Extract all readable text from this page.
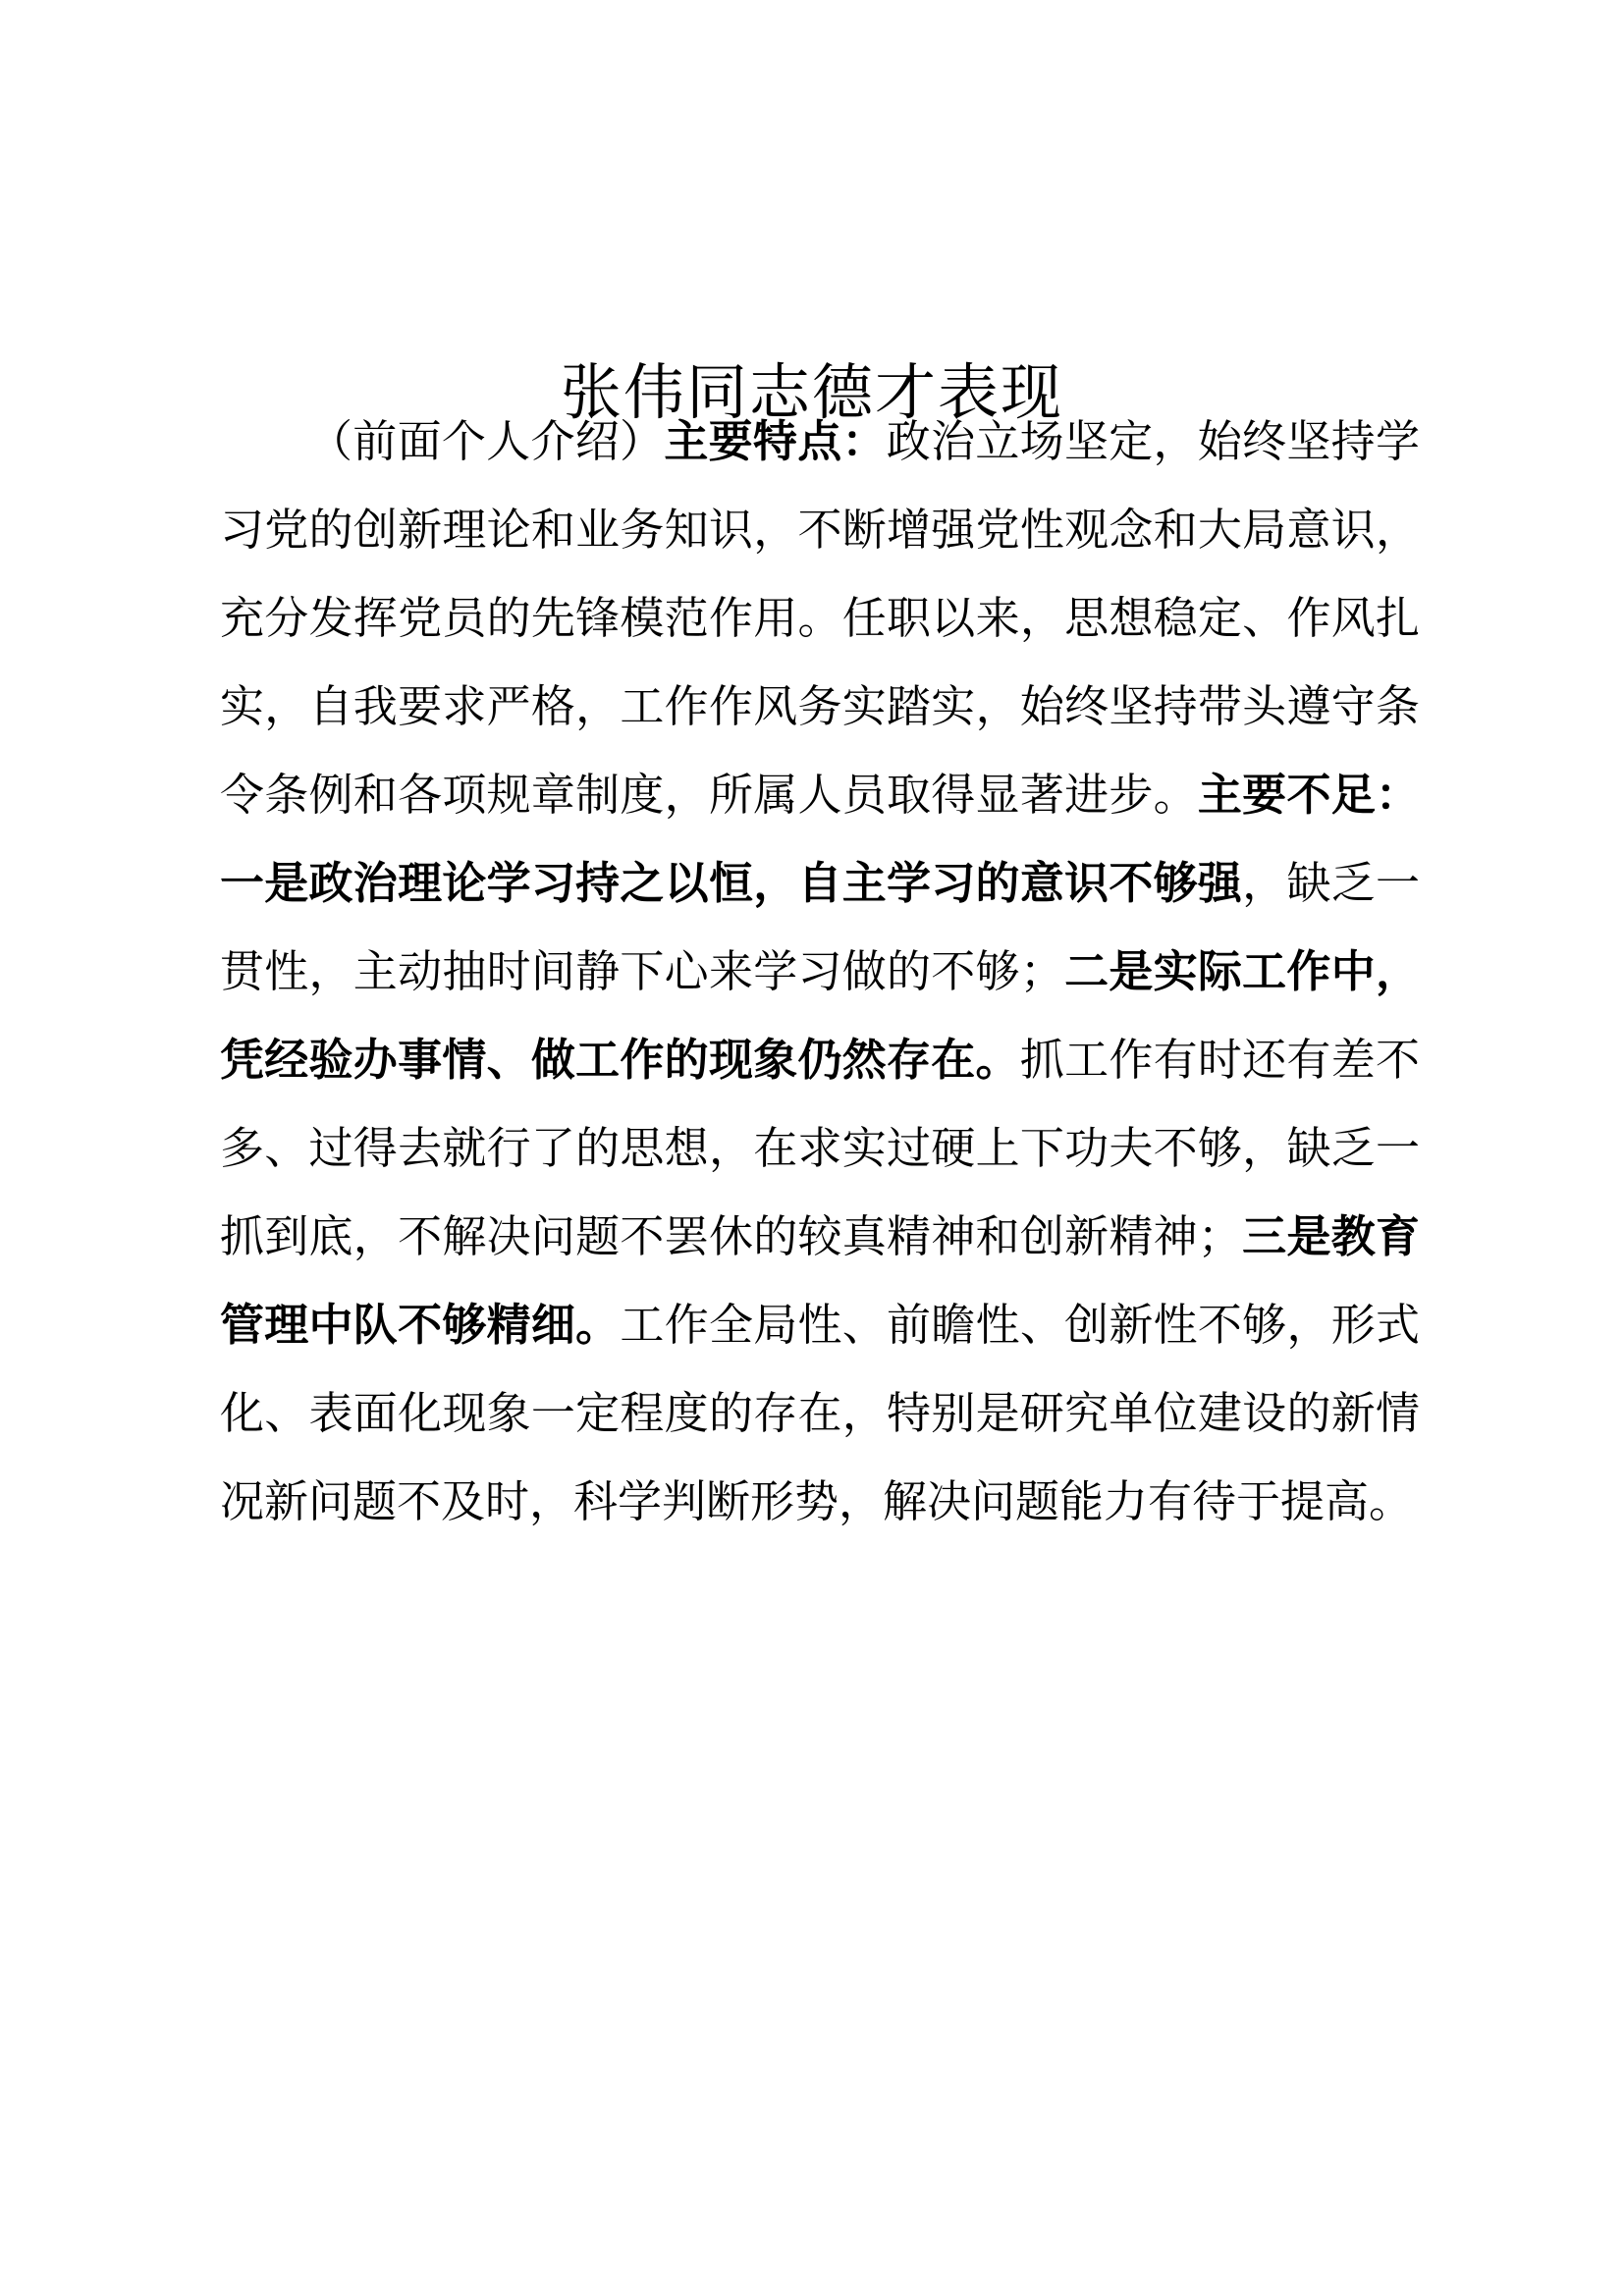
张伟同志德才表现

（前面个人介绍）主要特点：政治立场坚定，始终坚持学习党的创新理论和业务知识，不断增强党性观念和大局意识，充分发挥党员的先锋模范作用。任职以来，思想稳定、作风扎实，自我要求严格，工作作风务实踏实，始终坚持带头遵守条令条例和各项规章制度，所属人员取得显著进步。主要不足：一是政治理论学习持之以恒，自主学习的意识不够强，缺乏一贯性，主动抽时间静下心来学习做的不够；二是实际工作中，凭经验办事情、做工作的现象仍然存在。抓工作有时还有差不多、过得去就行了的思想，在求实过硬上下功夫不够，缺乏一抓到底，不解决问题不罢休的较真精神和创新精神；三是教育管理中队不够精细。工作全局性、前瞻性、创新性不够，形式化、表面化现象一定程度的存在，特别是研究单位建设的新情况新问题不及时，科学判断形势，解决问题能力有待于提高。
